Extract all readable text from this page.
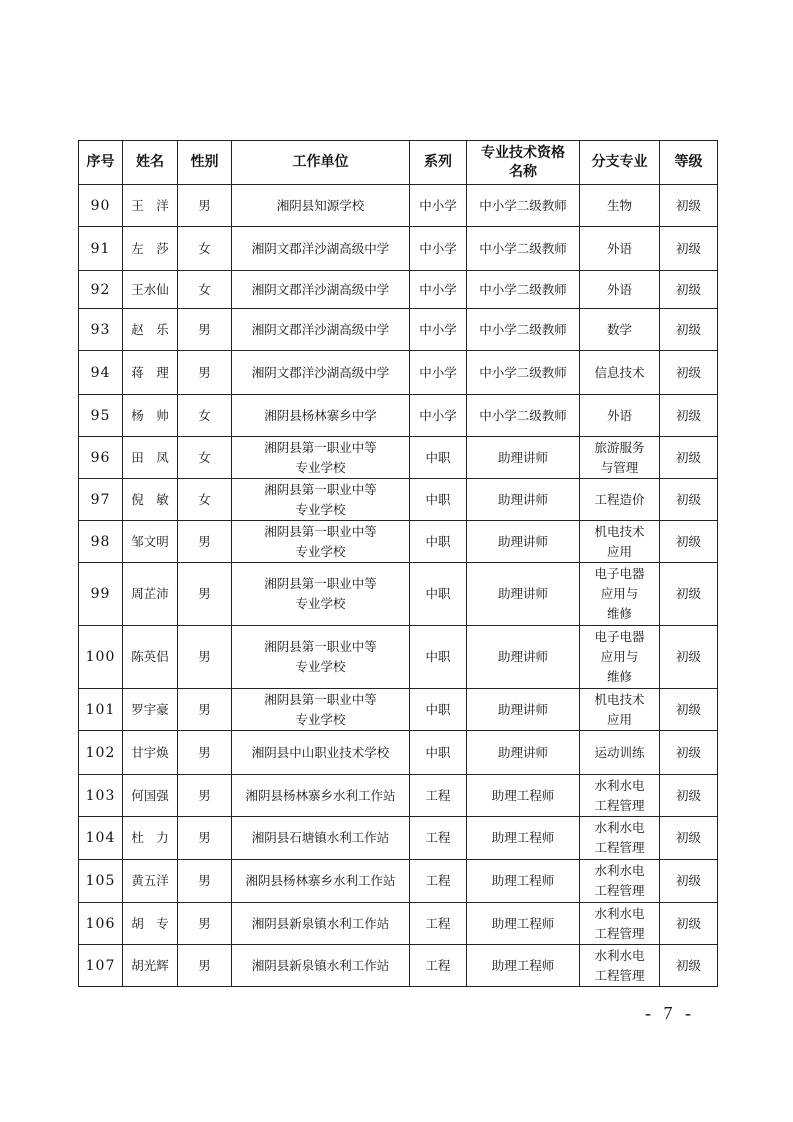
序号	姓名	性别	工作单位	系列	专业技术资格名称	分支专业	等级
90	王　洋	男	湘阴县知源学校	中小学	中小学二级教师	生物	初级
91	左　莎	女	湘阴文郡洋沙湖高级中学	中小学	中小学二级教师	外语	初级
92	王水仙	女	湘阴文郡洋沙湖高级中学	中小学	中小学二级教师	外语	初级
93	赵　乐	男	湘阴文郡洋沙湖高级中学	中小学	中小学二级教师	数学	初级
94	蒋　理	男	湘阴文郡洋沙湖高级中学	中小学	中小学二级教师	信息技术	初级
95	杨　帅	女	湘阴县杨林寨乡中学	中小学	中小学二级教师	外语	初级
96	田　凤	女	湘阴县第一职业中等
专业学校	中职	助理讲师	旅游服务
与管理	初级
97	倪　敏	女	湘阴县第一职业中等
专业学校	中职	助理讲师	工程造价	初级
98	邹文明	男	湘阴县第一职业中等
专业学校	中职	助理讲师	机电技术
应用	初级
99	周芷沛	男	湘阴县第一职业中等
专业学校	中职	助理讲师	电子电器
应用与
维修	初级
100	陈英侣	男	湘阴县第一职业中等
专业学校	中职	助理讲师	电子电器
应用与
维修	初级
101	罗宇豪	男	湘阴县第一职业中等
专业学校	中职	助理讲师	机电技术
应用	初级
102	甘宇焕	男	湘阴县中山职业技术学校	中职	助理讲师	运动训练	初级
103	何国强	男	湘阴县杨林寨乡水利工作站	工程	助理工程师	水利水电
工程管理	初级
104	杜　力	男	湘阴县石塘镇水利工作站	工程	助理工程师	水利水电
工程管理	初级
105	黄五洋	男	湘阴县杨林寨乡水利工作站	工程	助理工程师	水利水电
工程管理	初级
106	胡　专	男	湘阴县新泉镇水利工作站	工程	助理工程师	水利水电
工程管理	初级
107	胡光辉	男	湘阴县新泉镇水利工作站	工程	助理工程师	水利水电
工程管理	初级
- 7 -
